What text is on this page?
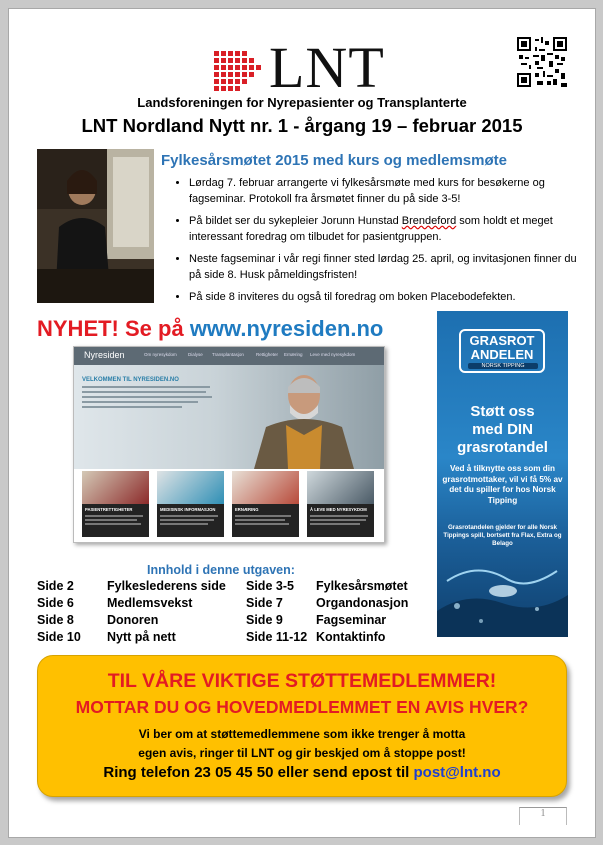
LNT
Landsforeningen for Nyrepasienter og Transplanterte
LNT Nordland Nytt nr. 1 - årgang 19 – februar 2015
Fylkesårsmøtet 2015 med kurs og medlemsmøte
• Lørdag 7. februar arrangerte vi fylkesårsmøte med kurs for besøkerne og fagseminar. Protokoll fra årsmøtet finner du på side 3-5!
• På bildet ser du sykepleier Jorunn Hunstad Brendeford som holdt et meget interessant foredrag om tilbudet for pasientgruppen.
• Neste fagseminar i vår regi finner sted lørdag 25. april, og invitasjonen finner du på side 8. Husk påmeldingsfristen!
• På side 8 inviteres du også til foredrag om boken Placebodefekten.
NYHET! Se på www.nyresiden.no
Nyresiden	Om nyresykdom Dialyse Transplantasjon	Rettigheter Ernæring Leve med nyresykdom
VELKOMMEN TIL NYRESIDEN.NO
PASIENTRETTIGHETER	MEDISINSK INFORMASJON	ERNÆRING	Å LEVE MED NYRESYKDOM
GRASROT
ANDELEN
NORSK TIPPING
Støtt oss
med DIN
grasrotandel
Ved å tilknytte oss som din grasrotmottaker, vil vi få 5% av det du spiller for hos Norsk Tipping
Grasrotandelen gjelder for alle Norsk Tippings spill, bortsett fra Flax, Extra og Belago
Innhold i denne utgaven:
Side 2	Fylkeslederens side Side 3-5 Fylkesårsmøtet
Side 6	Medlemsvekst	Side 7	Organdonasjon
Side 8	Donoren	Side 9	Fagseminar
Side 10 Nytt på nett	Side 11-12 Kontaktinfo
TIL VÅRE VIKTIGE STØTTEMEDLEMMER!
MOTTAR DU OG HOVEDMEDLEMMET EN AVIS HVER?
Vi ber om at støttemedlemmene som ikke trenger å motta
egen avis, ringer til LNT og gir beskjed om å stoppe post!
Ring telefon 23 05 45 50 eller send epost til post@lnt.no
1
